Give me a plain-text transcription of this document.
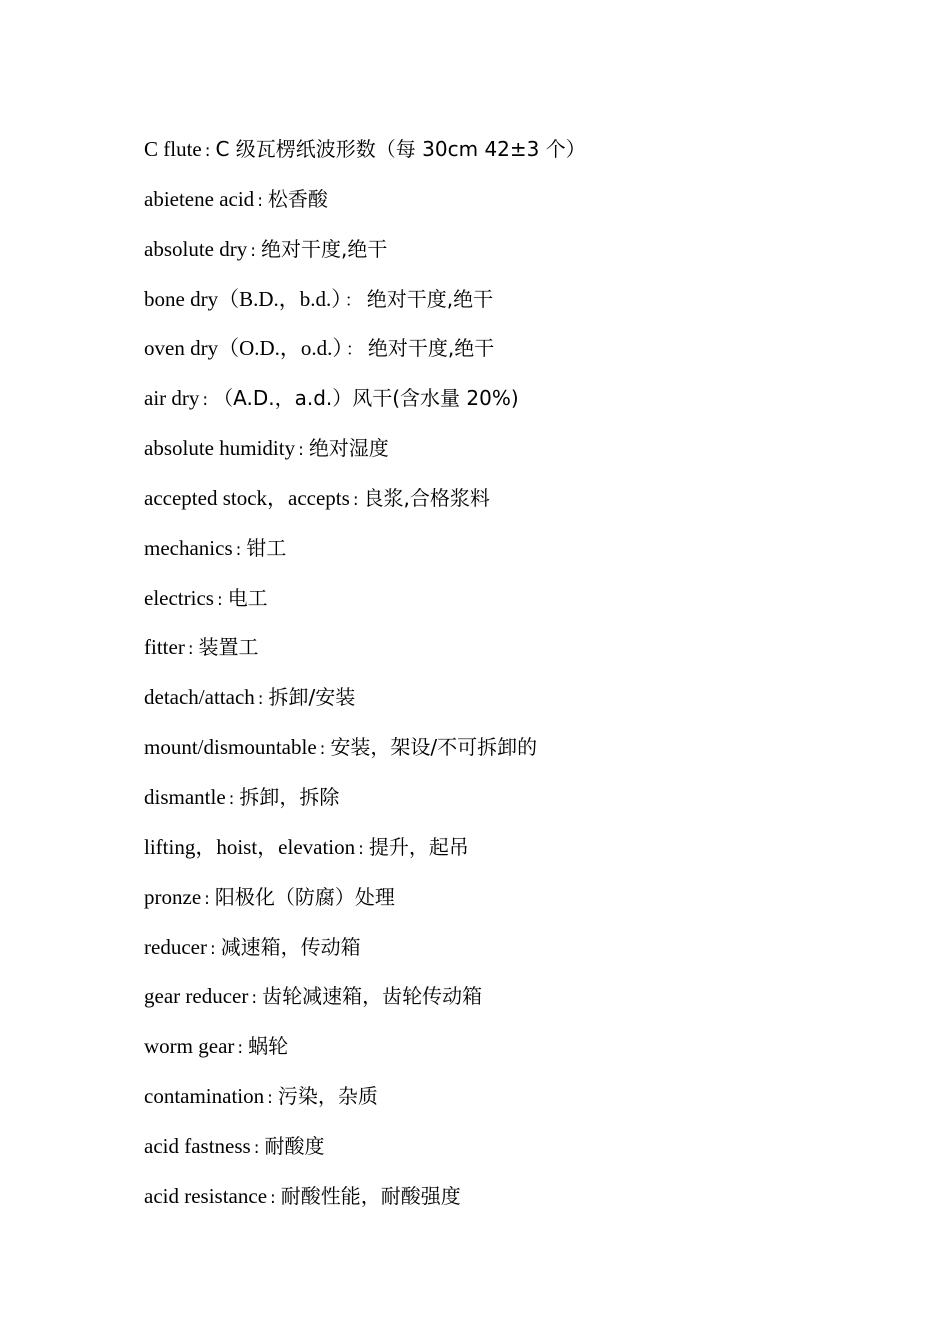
C flute : C 级瓦楞纸波形数（每 30cm 42±3 个）
abietene acid : 松香酸
absolute dry : 绝对干度,绝干
bone dry（B.D.，b.d.） ： 绝对干度,绝干
oven dry（O.D.，o.d.） ： 绝对干度,绝干
air dry : （A.D.，a.d.）风干(含水量 20%)
absolute humidity : 绝对湿度
accepted stock，accepts : 良浆,合格浆料
mechanics : 钳工
electrics : 电工
fitter : 装置工
detach/attach : 拆卸/安装
mount/dismountable : 安装，架设/不可拆卸的
dismantle : 拆卸，拆除
lifting，hoist，elevation : 提升，起吊
pronze : 阳极化（防腐）处理
reducer : 减速箱，传动箱
gear reducer : 齿轮减速箱，齿轮传动箱
worm gear : 蜗轮
contamination : 污染，杂质
acid fastness : 耐酸度
acid resistance : 耐酸性能，耐酸强度
